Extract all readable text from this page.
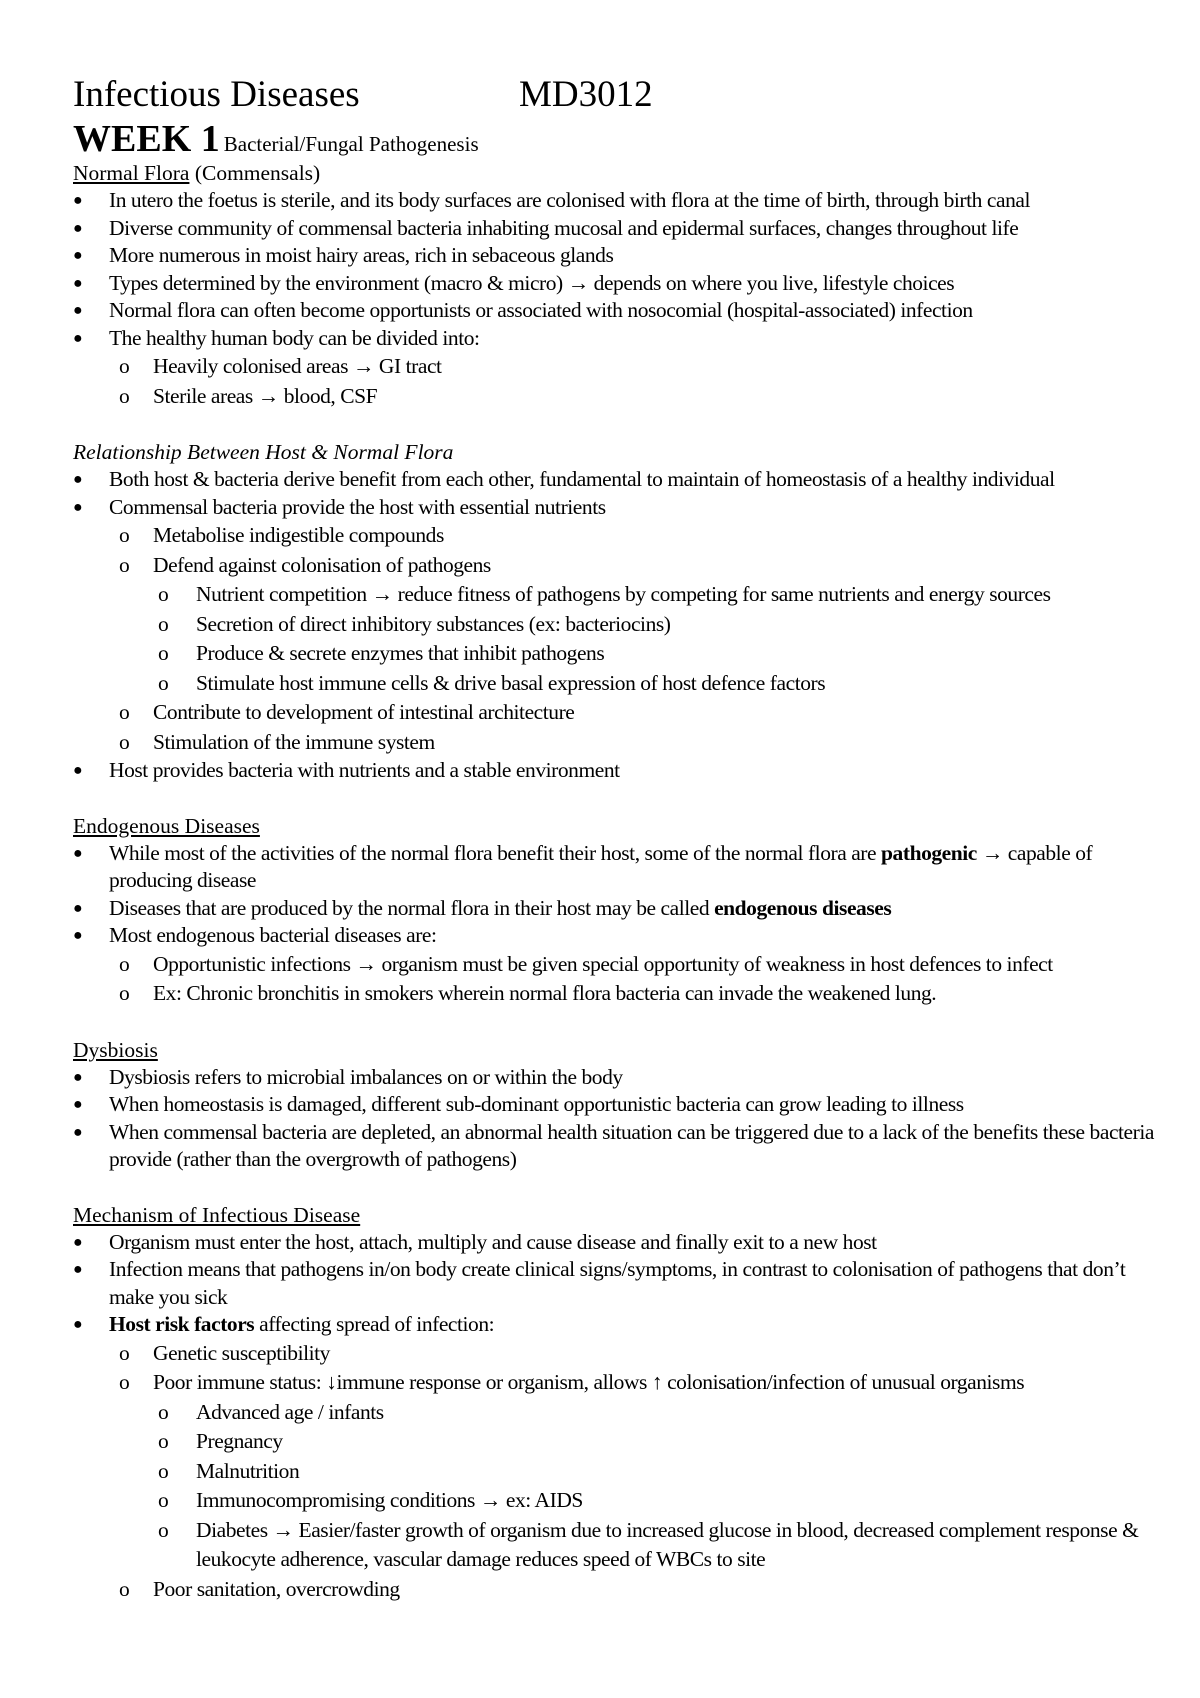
Infectious Diseases	MD3012
WEEK 1 Bacterial/Fungal Pathogenesis
Normal Flora (Commensals)
● In utero the foetus is sterile, and its body surfaces are colonised with flora at the time of birth, through birth canal
● Diverse community of commensal bacteria inhabiting mucosal and epidermal surfaces, changes throughout life
● More numerous in moist hairy areas, rich in sebaceous glands
● Types determined by the environment (macro & micro) → depends on where you live, lifestyle choices
● Normal flora can often become opportunists or associated with nosocomial (hospital-associated) infection
● The healthy human body can be divided into:
o Heavily colonised areas → GI tract
o Sterile areas → blood, CSF
Relationship Between Host & Normal Flora
● Both host & bacteria derive benefit from each other, fundamental to maintain of homeostasis of a healthy individual
● Commensal bacteria provide the host with essential nutrients
o Metabolise indigestible compounds
o Defend against colonisation of pathogens
o Nutrient competition → reduce fitness of pathogens by competing for same nutrients and energy sources
o Secretion of direct inhibitory substances (ex: bacteriocins)
o Produce & secrete enzymes that inhibit pathogens
o Stimulate host immune cells & drive basal expression of host defence factors
o Contribute to development of intestinal architecture
o Stimulation of the immune system
● Host provides bacteria with nutrients and a stable environment
Endogenous Diseases
● While most of the activities of the normal flora benefit their host, some of the normal flora are pathogenic → capable of producing disease
● Diseases that are produced by the normal flora in their host may be called endogenous diseases
● Most endogenous bacterial diseases are:
o Opportunistic infections → organism must be given special opportunity of weakness in host defences to infect
o Ex: Chronic bronchitis in smokers wherein normal flora bacteria can invade the weakened lung.
Dysbiosis
● Dysbiosis refers to microbial imbalances on or within the body
● When homeostasis is damaged, different sub-dominant opportunistic bacteria can grow leading to illness
● When commensal bacteria are depleted, an abnormal health situation can be triggered due to a lack of the benefits these bacteria provide (rather than the overgrowth of pathogens)
Mechanism of Infectious Disease
● Organism must enter the host, attach, multiply and cause disease and finally exit to a new host
● Infection means that pathogens in/on body create clinical signs/symptoms, in contrast to colonisation of pathogens that don’t make you sick
● Host risk factors affecting spread of infection:
o Genetic susceptibility
o Poor immune status: ↓immune response or organism, allows ↑ colonisation/infection of unusual organisms
o Advanced age / infants
o Pregnancy
o Malnutrition
o Immunocompromising conditions → ex: AIDS
o Diabetes → Easier/faster growth of organism due to increased glucose in blood, decreased complement response & leukocyte adherence, vascular damage reduces speed of WBCs to site
o Poor sanitation, overcrowding
